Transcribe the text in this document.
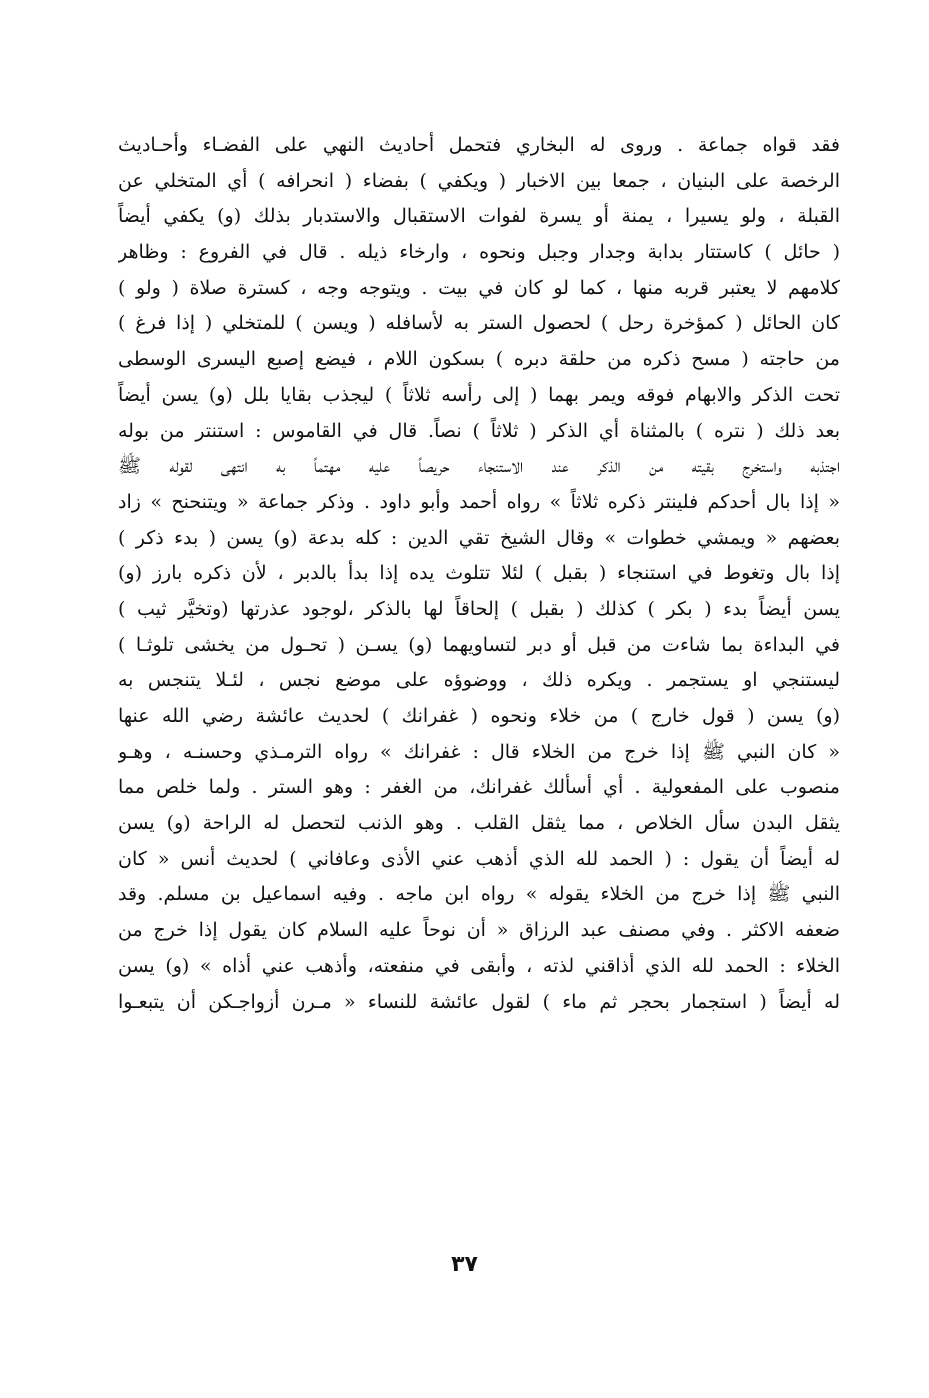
فقد قواه جماعة . وروى له البخاري فتحمل أحاديث النهي على الفضـاء وأحـاديث
الرخصة على البنيان ، جمعا بين الاخبار ( ويكفي ) بفضاء ( انحرافه ) أي المتخلي عن
القبلة ، ولو يسيرا ، يمنة أو يسرة لفوات الاستقبال والاستدبار بذلك (و) يكفي أيضاً
( حائل ) كاستتار بدابة وجدار وجبل ونحوه ، وارخاء ذيله . قال في الفروع : وظاهر
كلامهم لا يعتبر قربه منها ، كما لو كان في بيت . ويتوجه وجه ، كسترة صلاة ( ولو )
كان الحائل ( كمؤخرة رحل ) لحصول الستر به لأسافله ( ويسن ) للمتخلي ( إذا فرغ )
من حاجته ( مسح ذكره من حلقة دبره ) بسكون اللام ، فيضع إصبع اليسرى الوسطى
تحت الذكر والابهام فوقه ويمر بهما ( إلى رأسه ثلاثاً ) ليجذب بقايا بلل (و) يسن أيضاً
بعد ذلك ( نتره ) بالمثناة أي الذكر ( ثلاثاً ) نصاً. قال في القاموس : استنتر من بوله
اجتذبه واستخرج بقيته من الذكر عند الاستنجاء حريصاً عليه مهتماً به انتهى لقوله ﷺ
« إذا بال أحدكم فلينتر ذكره ثلاثاً » رواه أحمد وأبو داود . وذكر جماعة « ويتنحنح » زاد
بعضهم « ويمشي خطوات » وقال الشيخ تقي الدين : كله بدعة (و) يسن ( بدء ذكر )
إذا بال وتغوط في استنجاء ( بقبل ) لئلا تتلوث يده إذا بدأ بالدبر ، لأن ذكره بارز (و)
يسن أيضاً بدء ( بكر ) كذلك ( بقبل ) إلحاقاً لها بالذكر ،لوجود عذرتها (وتخيَّر ثيب )
في البداءة بما شاءت من قبل أو دبر لتساويهما (و) يسـن ( تحـول من يخشى تلوثـا )
ليستنجي او يستجمر . ويكره ذلك ، ووضوؤه على موضع نجس ، لئـلا يتنجس به
(و) يسن ( قول خارج ) من خلاء ونحوه ( غفرانك ) لحديث عائشة رضي الله عنها
« كان النبي ﷺ إذا خرج من الخلاء قال : غفرانك » رواه الترمـذي وحسنـه ، وهـو
منصوب على المفعولية . أي أسألك غفرانك، من الغفر : وهو الستر . ولما خلص مما
يثقل البدن سأل الخلاص ، مما يثقل القلب . وهو الذنب لتحصل له الراحة (و) يسن
له أيضاً أن يقول : ( الحمد لله الذي أذهب عني الأذى وعافاني ) لحديث أنس « كان
النبي ﷺ إذا خرج من الخلاء يقوله » رواه ابن ماجه . وفيه اسماعيل بن مسلم. وقد
ضعفه الاكثر . وفي مصنف عبد الرزاق « أن نوحاً عليه السلام كان يقول إذا خرج من
الخلاء : الحمد لله الذي أذاقني لذته ، وأبقى في منفعته، وأذهب عني أذاه » (و) يسن
له أيضاً ( استجمار بحجر ثم ماء ) لقول عائشة للنساء « مـرن أزواجـكن أن يتبعـوا
٣٧
